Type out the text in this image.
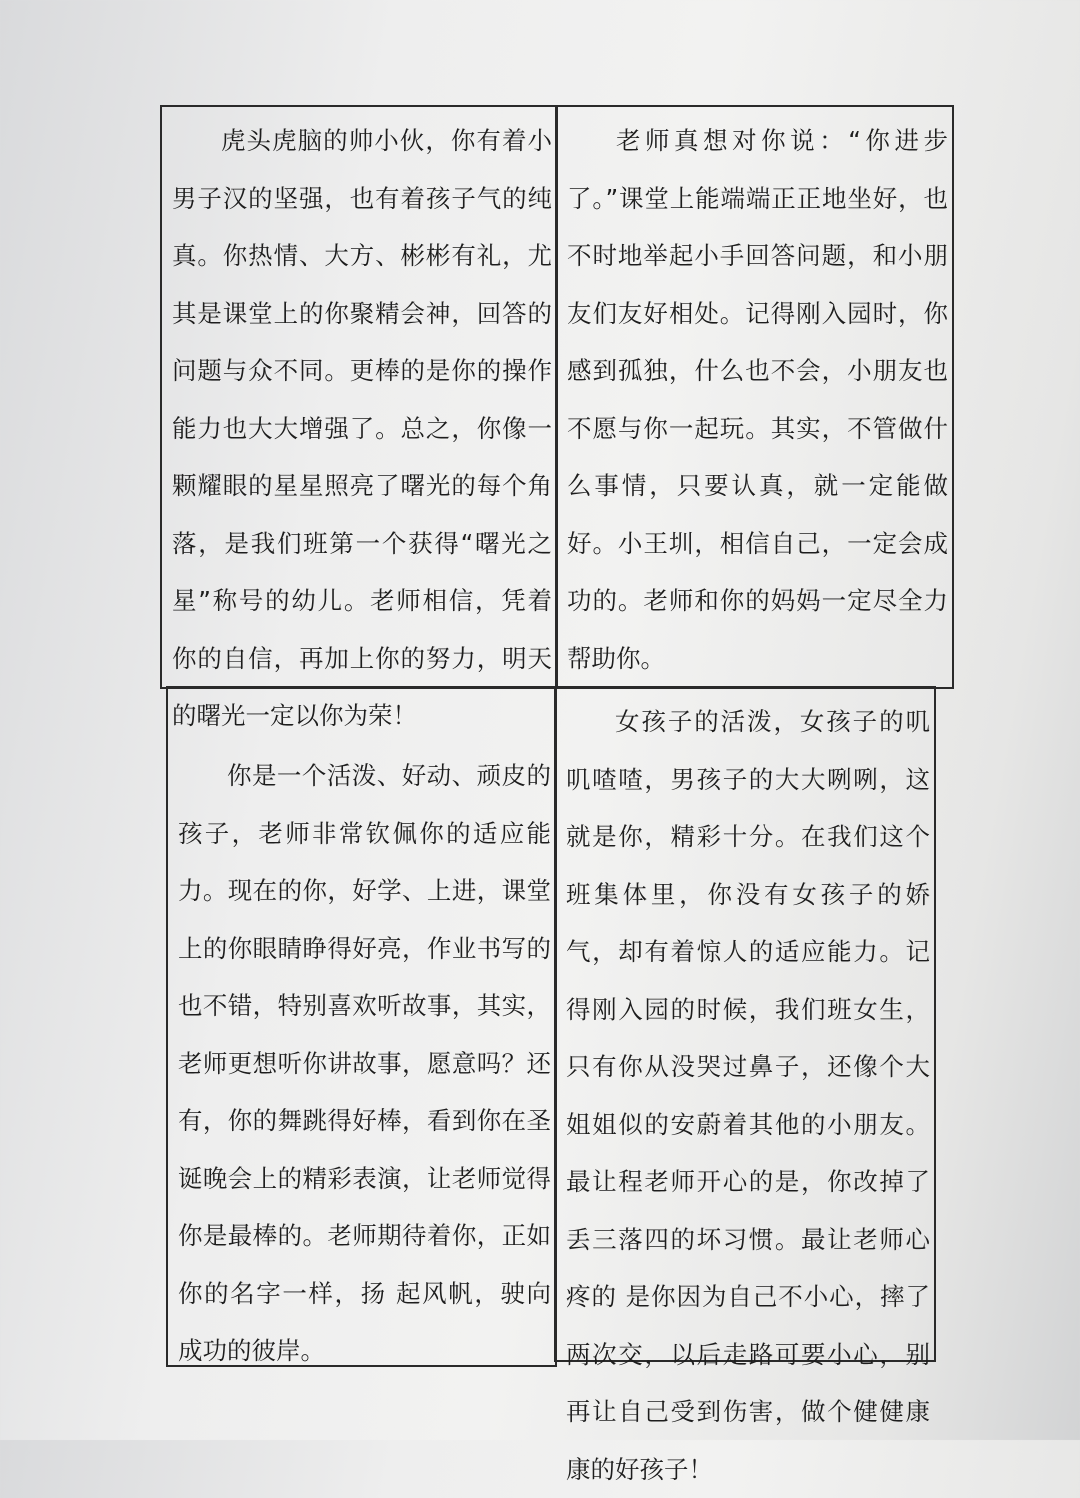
虎头虎脑的帅小伙，你有着小男子汉的坚强，也有着孩子气的纯真。你热情、大方、彬彬有礼，尤其是课堂上的你聚精会神，回答的问题与众不同。更棒的是你的操作能力也大大增强了。总之，你像一颗耀眼的星星照亮了曙光的每个角落，是我们班第一个获得“曙光之星”称号的幼儿。老师相信，凭着你的自信，再加上你的努力，明天的曙光一定以你为荣！
老师真想对你说：“你进步了。”课堂上能端端正正地坐好，也不时地举起小手回答问题，和小朋友们友好相处。记得刚入园时，你感到孤独，什么也不会，小朋友也不愿与你一起玩。其实，不管做什么事情，只要认真，就一定能做好。小王圳，相信自己，一定会成功的。老师和你的妈妈一定尽全力帮助你。
你是一个活泼、好动、顽皮的孩子，老师非常钦佩你的适应能力。现在的你，好学、上进，课堂上的你眼睛睁得好亮，作业书写的也不错，特别喜欢听故事，其实，老师更想听你讲故事，愿意吗？还有，你的舞跳得好棒，看到你在圣诞晚会上的精彩表演，让老师觉得你是最棒的。老师期待着你，正如你的名字一样，扬 起风帆，驶向成功的彼岸。
女孩子的活泼，女孩子的叽叽喳喳，男孩子的大大咧咧，这就是你，精彩十分。在我们这个班集体里，你没有女孩子的娇气，却有着惊人的适应能力。记得刚入园的时候，我们班女生，只有你从没哭过鼻子，还像个大姐姐似的安蔚着其他的小朋友。最让程老师开心的是，你改掉了丢三落四的坏习惯。最让老师心疼的 是你因为自己不小心，摔了两次交，以后走路可要小心，别再让自己受到伤害，做个健健康康的好孩子！
